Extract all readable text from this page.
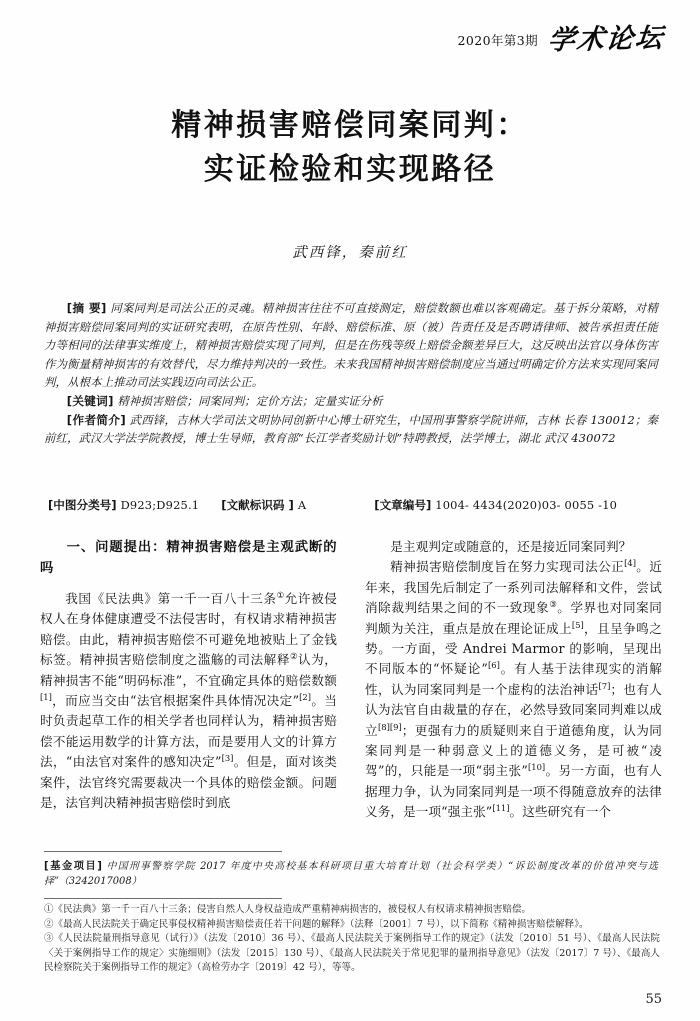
2020年第3期 学术论坛
精神损害赔偿同案同判：
实证检验和实现路径
武西锋，秦前红

[摘 要] 同案同判是司法公正的灵魂。精神损害往往不可直接测定，赔偿数额也难以客观确定。基于拆分策略，对精神损害赔偿同案同判的实证研究表明，在原告性别、年龄、赔偿标准、原（被）告责任及是否聘请律师、被告承担责任能力等相同的法律事实维度上，精神损害赔偿实现了同判，但是在伤残等级上赔偿金额差异巨大，这反映出法官以身体伤害作为衡量精神损害的有效替代，尽力维持判决的一致性。未来我国精神损害赔偿制度应当通过明确定价方法来实现同案同判，从根本上推动司法实践迈向司法公正。

[关键词] 精神损害赔偿；同案同判；定价方法；定量实证分析

[作者简介] 武西锋，吉林大学司法文明协同创新中心博士研究生，中国刑事警察学院讲师，吉林 长春 130012；秦前红，武汉大学法学院教授，博士生导师，教育部“长江学者奖励计划”特聘教授，法学博士，湖北 武汉 430072

[中图分类号] D923;D925.1 [文献标识码 ] A	[文章编号] 1004- 4434(2020)03- 0055 -10
一、问题提出：精神损害赔偿是主观武断的吗

我国《民法典》第一千一百八十三条①允许被侵权人在身体健康遭受不法侵害时，有权请求精神损害赔偿。由此，精神损害赔偿不可避免地被贴上了金钱标签。精神损害赔偿制度之滥觞的司法解释②认为，精神损害不能“明码标准”，不宜确定具体的赔偿数额[1]，而应当交由“法官根据案件具体情况决定”[2]。当时负责起草工作的相关学者也同样认为，精神损害赔偿不能运用数学的计算方法，而是要用人文的计算方法，“由法官对案件的感知决定”[3]。但是，面对该类案件，法官终究需要裁决一个具体的赔偿金额。问题是，法官判决精神损害赔偿时到底

是主观判定或随意的，还是接近同案同判？

精神损害赔偿制度旨在努力实现司法公正[4]。近年来，我国先后制定了一系列司法解释和文件，尝试消除裁判结果之间的不一致现象③。学界也对同案同判颇为关注，重点是放在理论证成上[5]，且呈争鸣之势。一方面，受 Andrei Marmor 的影响，呈现出不同版本的“怀疑论”[6]。有人基于法律现实的消解性，认为同案同判是一个虚构的法治神话[7]；也有人认为法官自由裁量的存在，必然导致同案同判难以成立[8][9]；更强有力的质疑则来自于道德角度，认为同案同判是一种弱意义上的道德义务，是可被“凌驾”的，只能是一项“弱主张”[10]。另一方面，也有人据理力争，认为同案同判是一项不得随意放弃的法律义务，是一项“强主张”[11]。这些研究有一个

[基金项目] 中国刑事警察学院 2017 年度中央高校基本科研项目重大培育计划（社会科学类）“诉讼制度改革的价值冲突与选择”（3242017008）

①《民法典》第一千一百八十三条；侵害自然人人身权益造成严重精神病损害的，被侵权人有权请求精神损害赔偿。

②《最高人民法院关于确定民事侵权精神损害赔偿责任若干问题的解释》（法释〔2001〕7 号），以下简称《精神损害赔偿解释》。

③《人民法院量刑指导意见（试行）》（法发〔2010〕36 号）、《最高人民法院关于案例指导工作的规定》（法发〔2010〕51 号）、《最高人民法院〈关于案例指导工作的规定〉实施细则》（法发〔2015〕130 号）、《最高人民法院关于常见犯罪的量刑指导意见》（法发〔2017〕7 号）、《最高人民检察院关于案例指导工作的规定》（高检劳办字〔2019〕42 号），等等。

55
